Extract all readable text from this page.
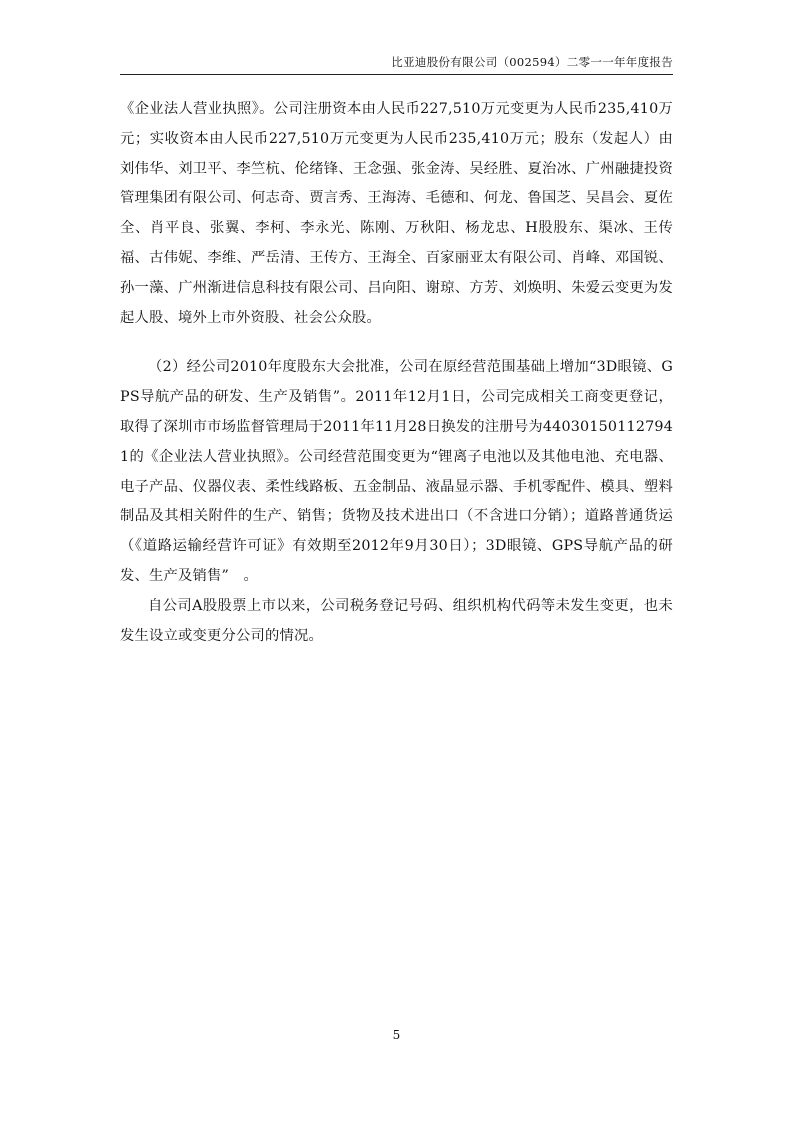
比亚迪股份有限公司（002594）二零一一年年度报告

《企业法人营业执照》。公司注册资本由人民币227,510万元变更为人民币235,410万元；实收资本由人民币227,510万元变更为人民币235,410万元；股东（发起人）由刘伟华、刘卫平、李竺杭、伦绪锋、王念强、张金涛、吴经胜、夏治冰、广州融捷投资管理集团有限公司、何志奇、贾言秀、王海涛、毛德和、何龙、鲁国芝、吴昌会、夏佐全、肖平良、张翼、李柯、李永光、陈刚、万秋阳、杨龙忠、H股股东、渠冰、王传福、古伟妮、李维、严岳清、王传方、王海全、百家丽亚太有限公司、肖峰、邓国锐、孙一藻、广州渐进信息科技有限公司、吕向阳、谢琼、方芳、刘焕明、朱爱云变更为发起人股、境外上市外资股、社会公众股。

（2）经公司2010年度股东大会批准，公司在原经营范围基础上增加“3D眼镜、GPS导航产品的研发、生产及销售”。2011年12月1日，公司完成相关工商变更登记，取得了深圳市市场监督管理局于2011年11月28日换发的注册号为440301501127941的《企业法人营业执照》。公司经营范围变更为“锂离子电池以及其他电池、充电器、电子产品、仪器仪表、柔性线路板、五金制品、液晶显示器、手机零配件、模具、塑料制品及其相关附件的生产、销售；货物及技术进出口（不含进口分销）；道路普通货运（《道路运输经营许可证》有效期至2012年9月30日）；3D眼镜、GPS导航产品的研发、生产及销售”　。

自公司A股股票上市以来，公司税务登记号码、组织机构代码等未发生变更，也未发生设立或变更分公司的情况。

5
